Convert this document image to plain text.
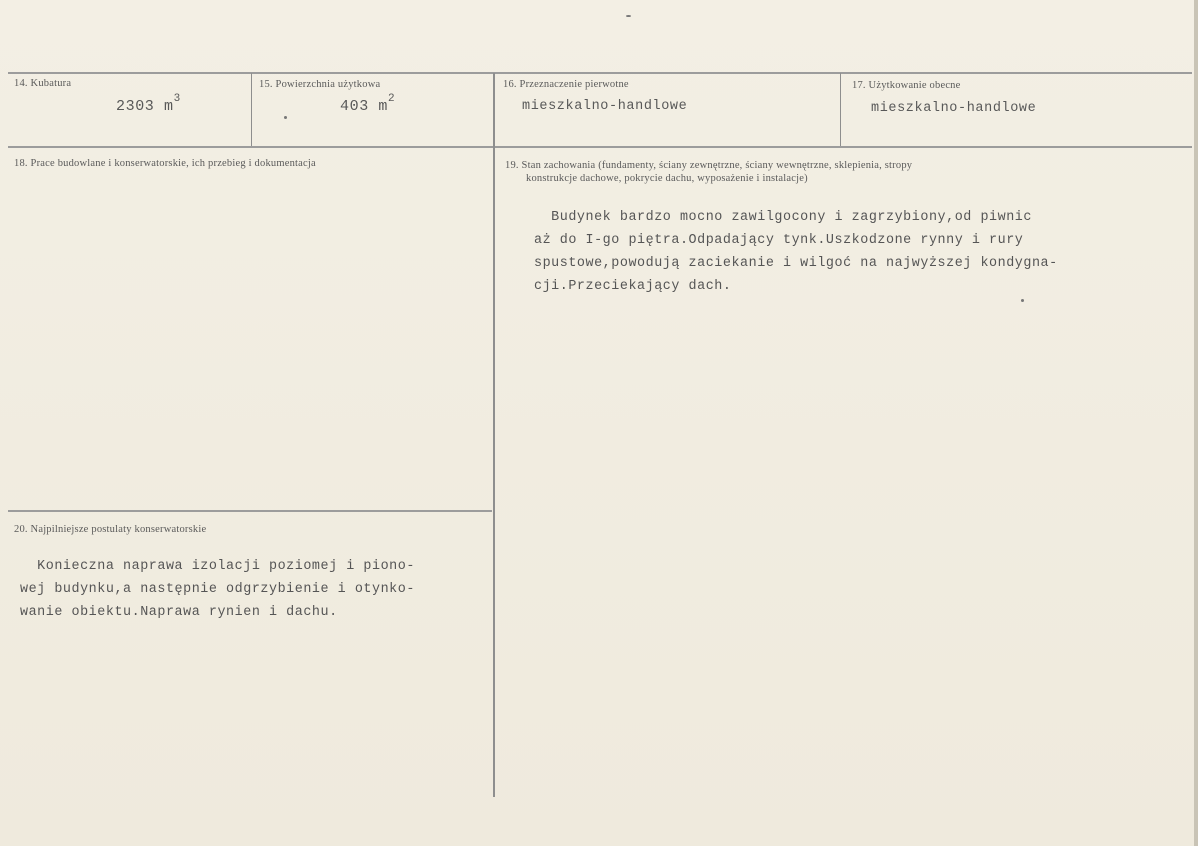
14. Kubatura
2303 $m^3$
15. Powierzchnia użytkowa
403 $m^2$
16. Przeznaczenie pierwotne
mieszkalno-handlowe
17. Użytkowanie obecne
mieszkalno-handlowe
18. Prace budowlane i konserwatorskie, ich przebieg i dokumentacja	19. Stan zachowania (fundamenty, ściany zewnętrzne, ściany wewnętrzne, sklepienia, stropy
konstrukcje dachowe, pokrycie dachu, wyposażenie i instalacje)
Budynek bardzo mocno zawilgocony i zagrzybiony,od piwnic
aż do I-go piętra.Odpadający tynk.Uszkodzone rynny i rury
spustowe,powodują zaciekanie i wilgoć na najwyższej kondygna-
cji.Przeciekający dach.
20. Najpilniejsze postulaty konserwatorskie
Konieczna naprawa izolacji poziomej i piono-
wej budynku,a następnie odgrzybienie i otynko-
wanie obiektu.Naprawa rynien i dachu.
